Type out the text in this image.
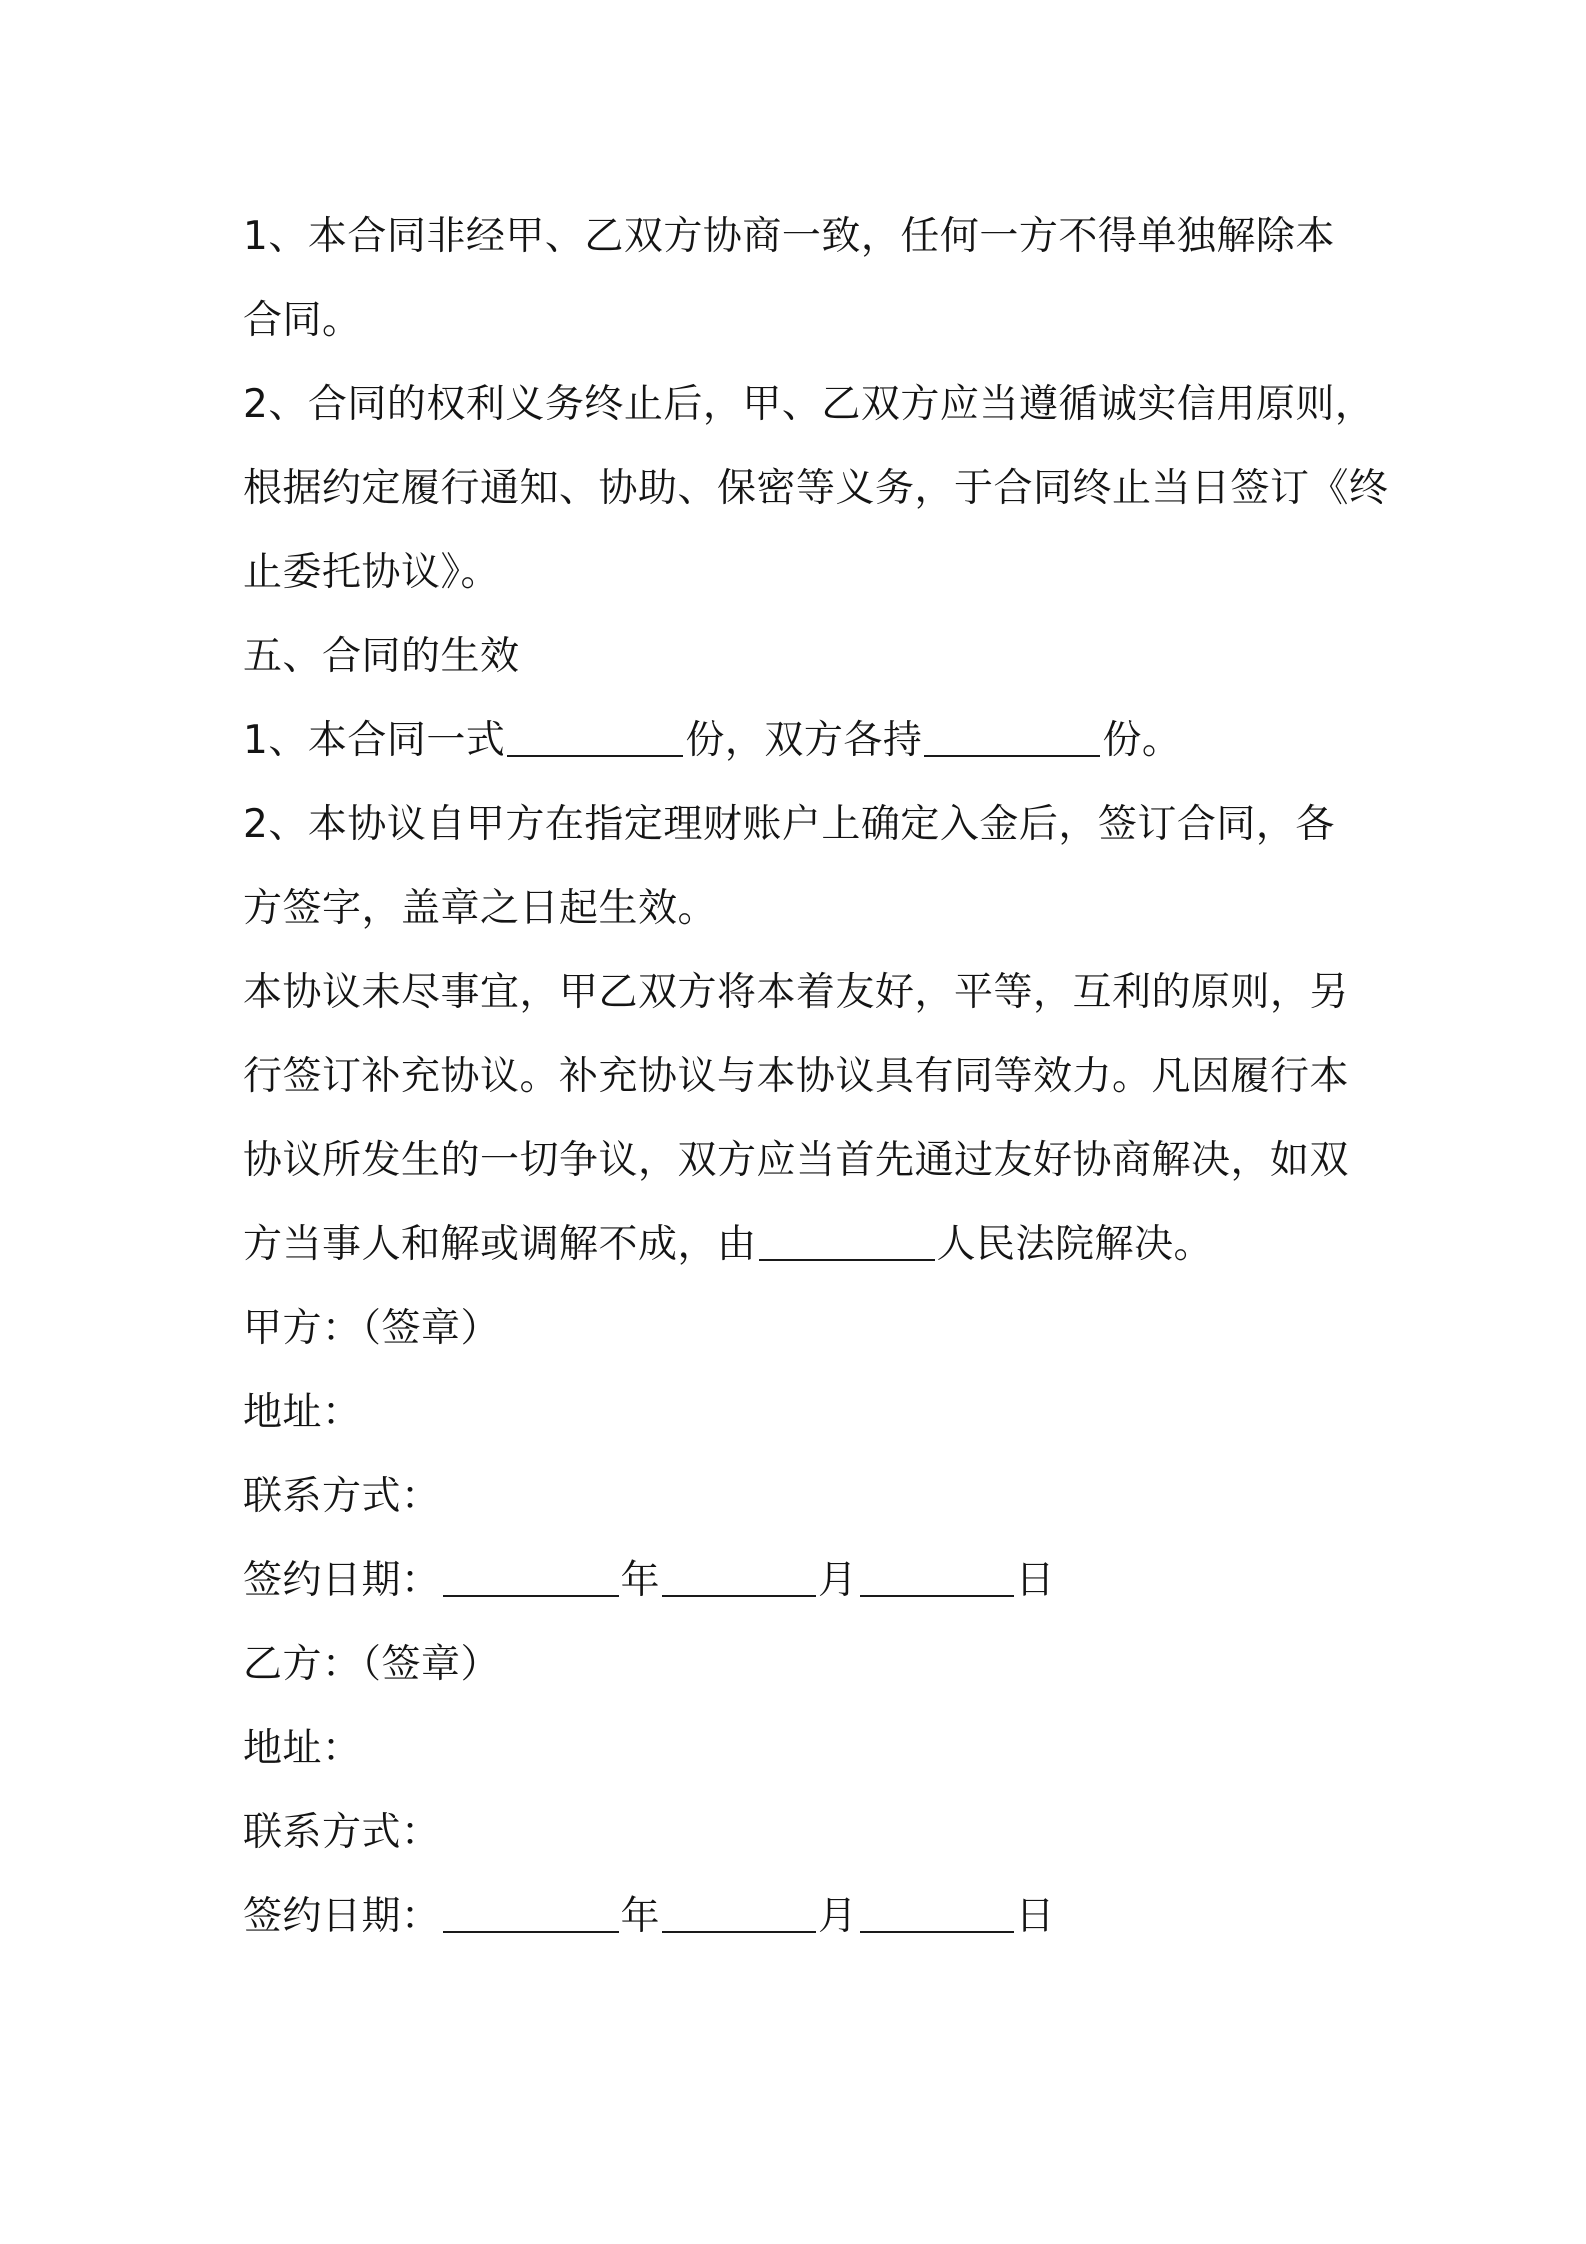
1、本合同非经甲、乙双方协商一致，任何一方不得单独解除本
合同。
2、合同的权利义务终止后，甲、乙双方应当遵循诚实信用原则，
根据约定履行通知、协助、保密等义务，于合同终止当日签订《终
止委托协议》。
五、合同的生效
1、本合同一式	份，双方各持	份。
2、本协议自甲方在指定理财账户上确定入金后，签订合同，各
方签字，盖章之日起生效。
本协议未尽事宜，甲乙双方将本着友好，平等，互利的原则，另
行签订补充协议。补充协议与本协议具有同等效力。凡因履行本
协议所发生的一切争议，双方应当首先通过友好协商解决，如双
方当事人和解或调解不成，由	人民法院解决。
甲方：（签章）
地址：
联系方式：
签约日期：	年	月	日
乙方：（签章）
地址：
联系方式：
签约日期：	年	月	日
